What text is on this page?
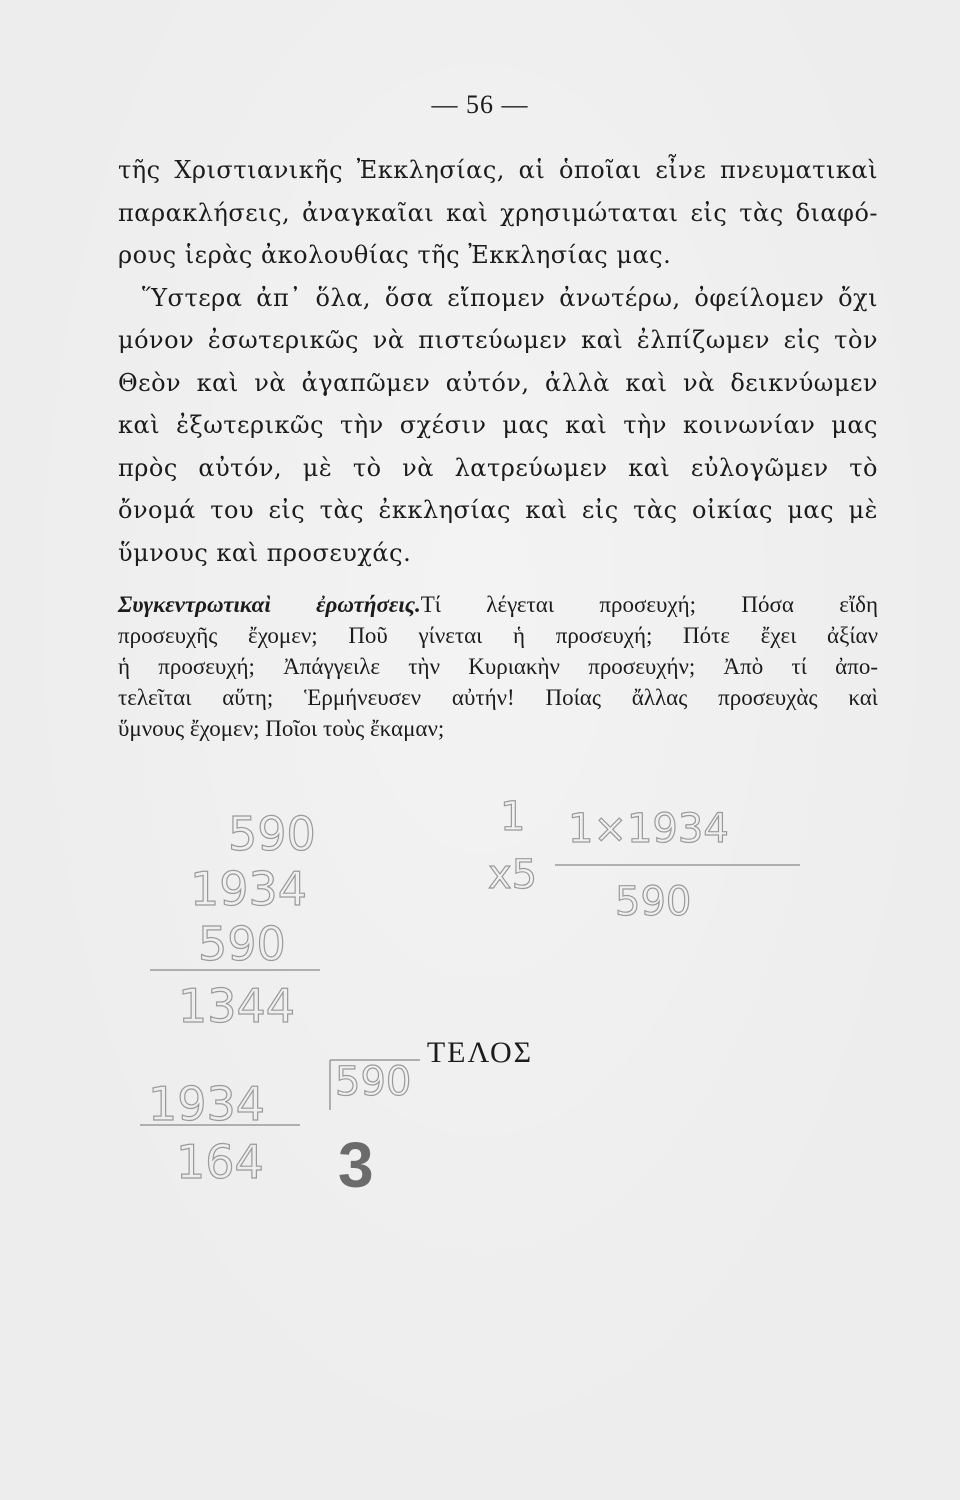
— 56 —
τῆς Χριστιανικῆς Ἐκκλησίας, αἱ ὁποῖαι εἶνε πνευματικαὶ
παρακλήσεις, ἀναγκαῖαι καὶ χρησιμώταται εἰς τὰς διαφό-
ρους ἱερὰς ἀκολουθίας τῆς Ἐκκλησίας μας.
Ὕστερα ἀπ᾽ ὅλα, ὅσα εἴπομεν ἀνωτέρω, ὀφείλομεν ὄχι
μόνον ἐσωτερικῶς νὰ πιστεύωμεν καὶ ἐλπίζωμεν εἰς τὸν
Θεὸν καὶ νὰ ἀγαπῶμεν αὐτόν, ἀλλὰ καὶ νὰ δεικνύωμεν
καὶ ἐξωτερικῶς τὴν σχέσιν μας καὶ τὴν κοινωνίαν μας
πρὸς αὐτόν, μὲ τὸ νὰ λατρεύωμεν καὶ εὐλογῶμεν τὸ
ὄνομά του εἰς τὰς ἐκκλησίας καὶ εἰς τὰς οἰκίας μας μὲ
ὕμνους καὶ προσευχάς.
Συγκεντρωτικαὶ ἐρωτήσεις.Τί λέγεται προσευχή; Πόσα εἴδη
προσευχῆς ἔχομεν; Ποῦ γίνεται ἡ προσευχή; Πότε ἔχει ἀξίαν
ἡ προσευχή; Ἀπάγγειλε τὴν Κυριακὴν προσευχήν; Ἀπὸ τί ἀπο-
τελεῖται αὕτη; Ἑρμήνευσεν αὐτήν! Ποίας ἄλλας προσευχὰς καὶ
ὕμνους ἔχομεν; Ποῖοι τοὺς ἔκαμαν;
ΤΕΛΟΣ
590
1934
590
1344
1
x5
1×1934
590
1934
164
590
3
